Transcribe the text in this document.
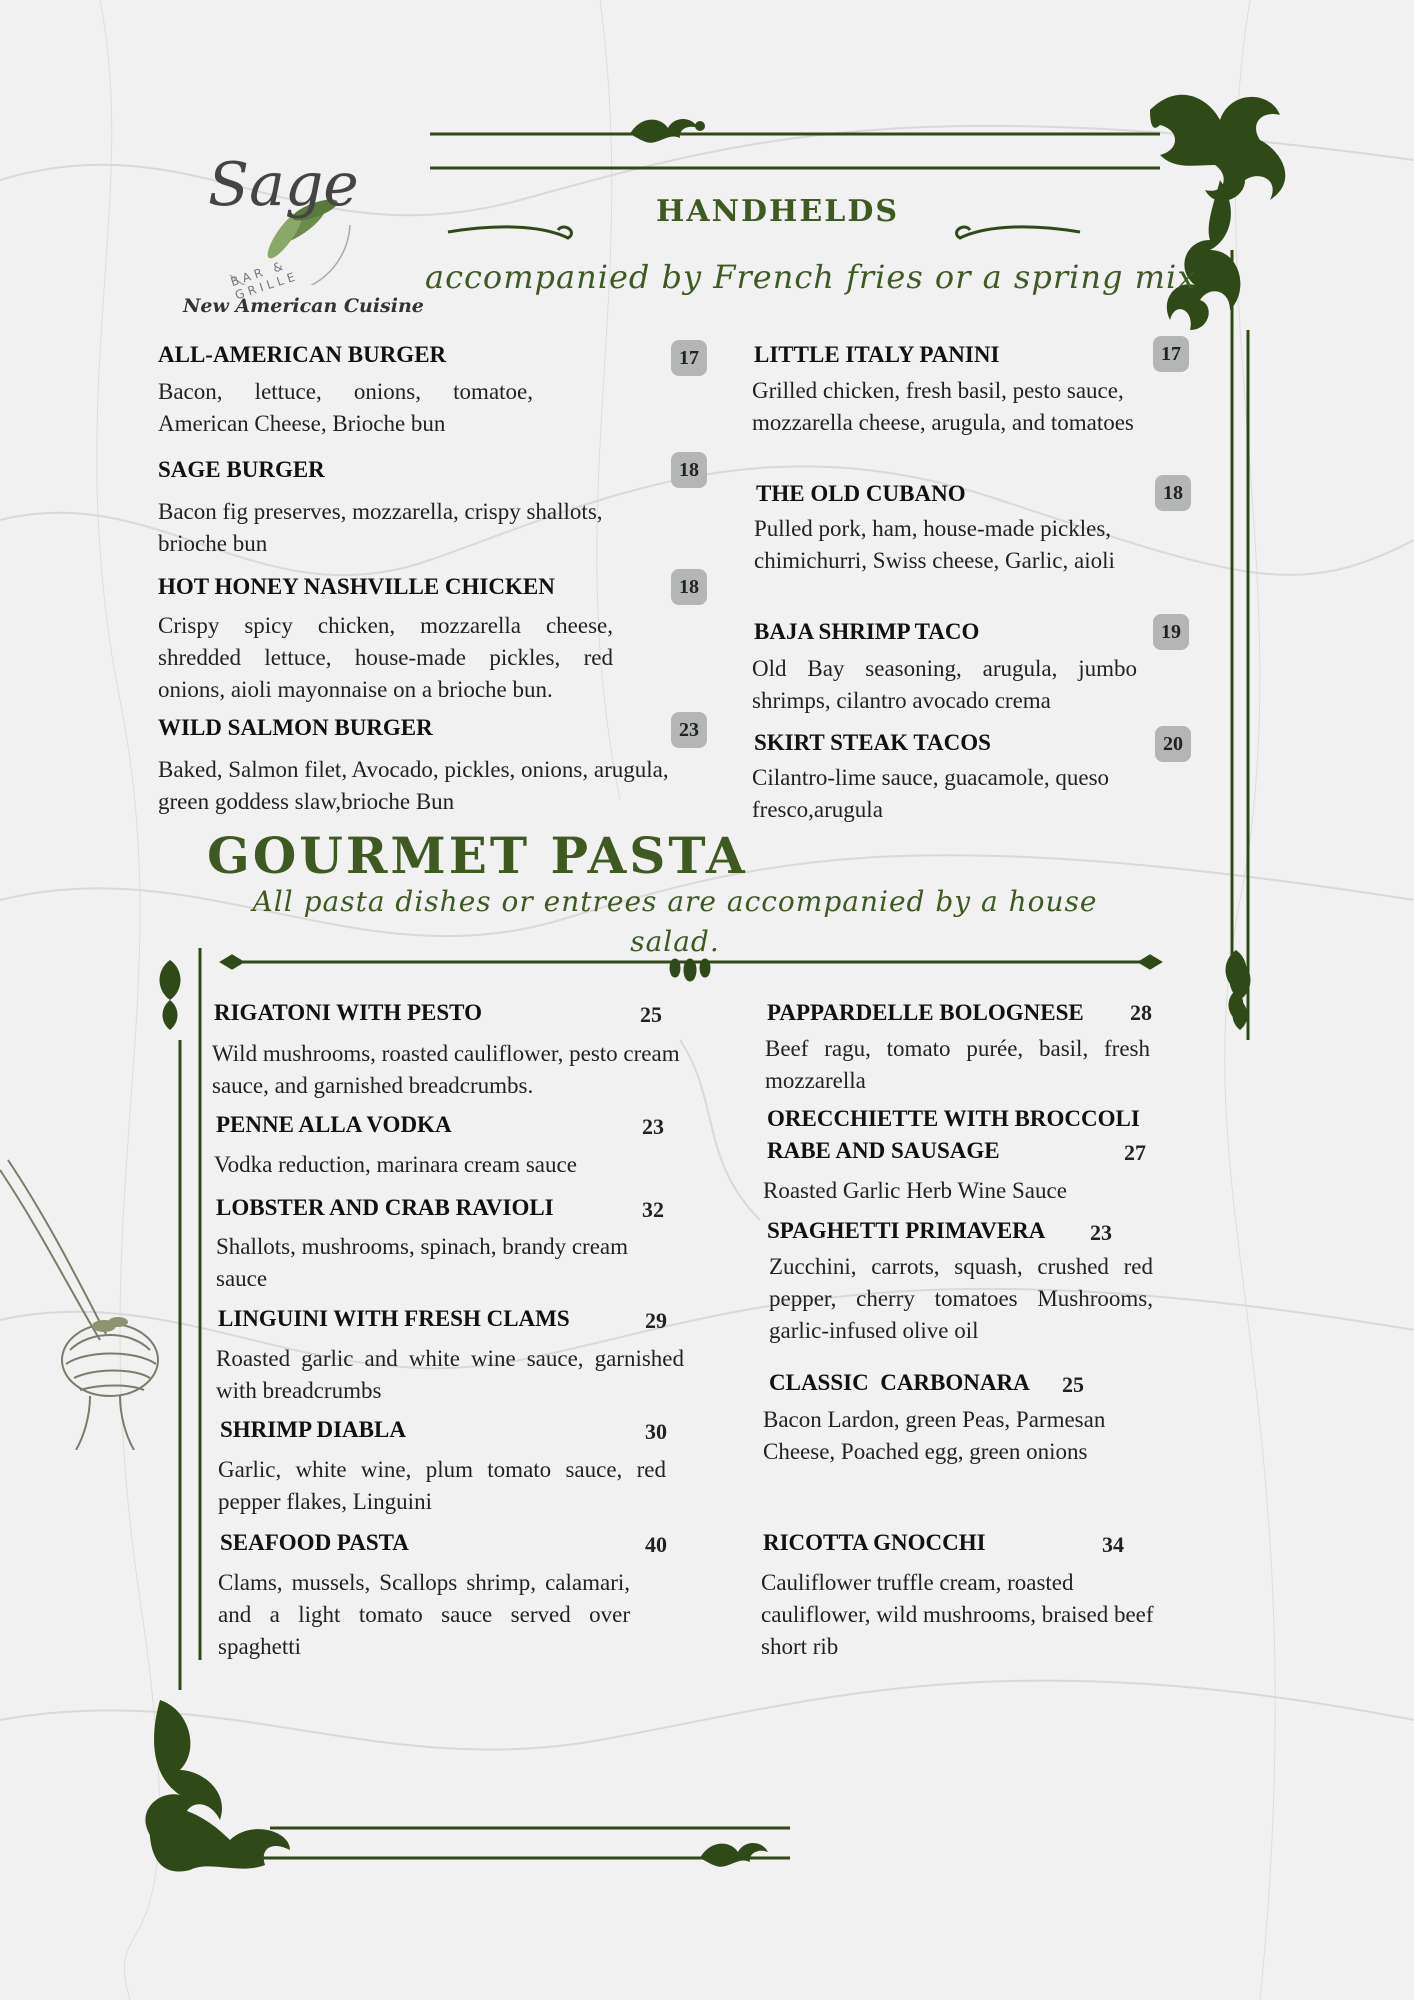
Sage
BAR & GRILLE
New American Cuisine
HANDHELDS
accompanied by French fries or a spring mix
ALL-AMERICAN BURGER	17
Bacon, lettuce, onions, tomatoe, American Cheese, Brioche bun
SAGE BURGER	18
Bacon fig preserves, mozzarella, crispy shallots, brioche bun
HOT HONEY NASHVILLE CHICKEN	18
Crispy spicy chicken, mozzarella cheese, shredded lettuce, house-made pickles, red onions, aioli mayonnaise on a brioche bun.
WILD SALMON BURGER	23
Baked, Salmon filet, Avocado, pickles, onions, arugula, green goddess slaw,brioche Bun
LITTLE ITALY PANINI	17
Grilled chicken, fresh basil, pesto sauce, mozzarella cheese, arugula, and tomatoes
THE OLD CUBANO	18
Pulled pork, ham, house-made pickles, chimichurri, Swiss cheese, Garlic, aioli
BAJA SHRIMP TACO	19
Old Bay seasoning, arugula, jumbo shrimps, cilantro avocado crema
SKIRT STEAK TACOS	20
Cilantro-lime sauce, guacamole, queso fresco,arugula
GOURMET PASTA
All pasta dishes or entrees are accompanied by a house salad.
RIGATONI WITH PESTO	25
Wild mushrooms, roasted cauliflower, pesto cream sauce, and garnished breadcrumbs.
PENNE ALLA VODKA	23
Vodka reduction, marinara cream sauce
LOBSTER AND CRAB RAVIOLI	32
Shallots, mushrooms, spinach, brandy cream sauce
LINGUINI WITH FRESH CLAMS	29
Roasted garlic and white wine sauce, garnished with breadcrumbs
SHRIMP DIABLA	30
Garlic, white wine, plum tomato sauce, red pepper flakes, Linguini
SEAFOOD PASTA	40
Clams, mussels, Scallops shrimp, calamari, and a light tomato sauce served over spaghetti
PAPPARDELLE BOLOGNESE 28
Beef ragu, tomato purée, basil, fresh mozzarella
ORECCHIETTE WITH BROCCOLI
RABE AND SAUSAGE	27
Roasted Garlic Herb Wine Sauce
SPAGHETTI PRIMAVERA 23
Zucchini, carrots, squash, crushed red pepper, cherry tomatoes Mushrooms, garlic-infused olive oil
CLASSIC  CARBONARA 25
Bacon Lardon, green Peas, Parmesan Cheese, Poached egg, green onions
RICOTTA GNOCCHI	34
Cauliflower truffle cream, roasted cauliflower, wild mushrooms, braised beef short rib
